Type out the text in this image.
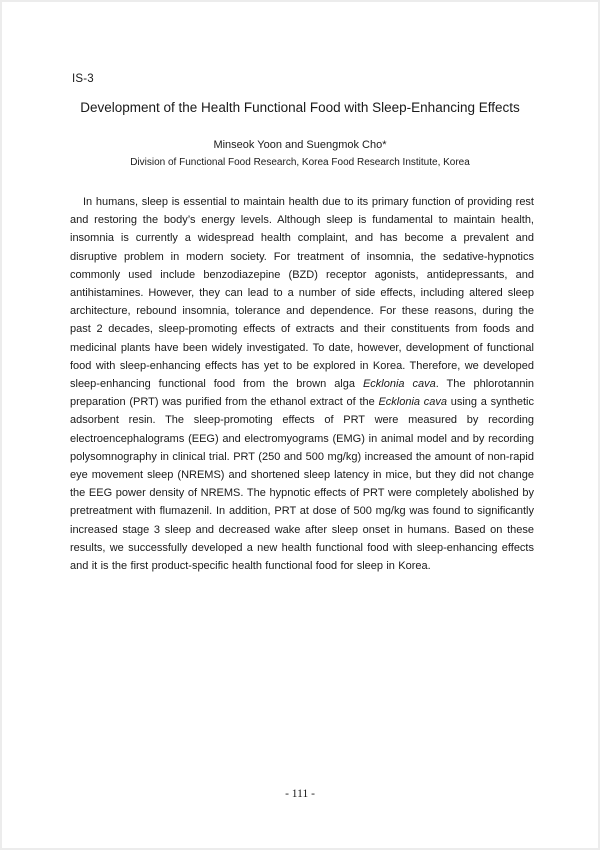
IS-3
Development of the Health Functional Food with Sleep-Enhancing Effects
Minseok Yoon and Suengmok Cho*
Division of Functional Food Research, Korea Food Research Institute, Korea
In humans, sleep is essential to maintain health due to its primary function of providing rest and restoring the body’s energy levels. Although sleep is fundamental to maintain health, insomnia is currently a widespread health complaint, and has become a prevalent and disruptive problem in modern society. For treatment of insomnia, the sedative-hypnotics commonly used include benzodiazepine (BZD) receptor agonists, antidepressants, and antihistamines. However, they can lead to a number of side effects, including altered sleep architecture, rebound insomnia, tolerance and dependence. For these reasons, during the past 2 decades, sleep-promoting effects of extracts and their constituents from foods and medicinal plants have been widely investigated. To date, however, development of functional food with sleep-enhancing effects has yet to be explored in Korea. Therefore, we developed sleep-enhancing functional food from the brown alga Ecklonia cava. The phlorotannin preparation (PRT) was purified from the ethanol extract of the Ecklonia cava using a synthetic adsorbent resin. The sleep-promoting effects of PRT were measured by recording electroencephalograms (EEG) and electromyograms (EMG) in animal model and by recording polysomnography in clinical trial. PRT (250 and 500 mg/kg) increased the amount of non-rapid eye movement sleep (NREMS) and shortened sleep latency in mice, but they did not change the EEG power density of NREMS. The hypnotic effects of PRT were completely abolished by pretreatment with flumazenil. In addition, PRT at dose of 500 mg/kg was found to significantly increased stage 3 sleep and decreased wake after sleep onset in humans. Based on these results, we successfully developed a new health functional food with sleep-enhancing effects and it is the first product-specific health functional food for sleep in Korea.
- 111 -
